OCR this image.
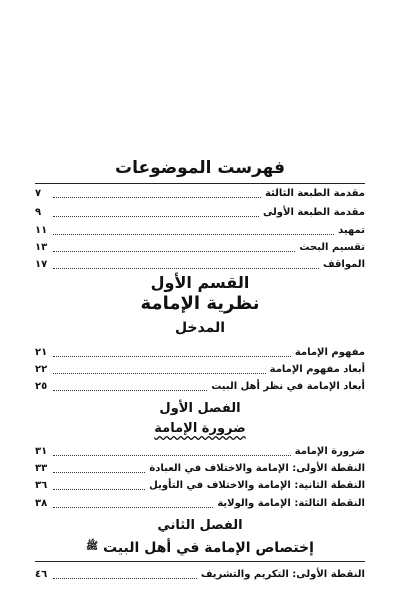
فهرست الموضوعات
مقدمة الطبعة الثالثة
٧
مقدمة الطبعة الأولى
٩
تمهيد
١١
تقسيم البحث
١٣
المواقف
١٧
القسم الأول
نظرية الإمامة
المدخل
مفهوم الإمامة
٢١
أبعاد مفهوم الإمامة
٢٢
أبعاد الإمامة في نظر أهل البيت
٢٥
الفصل الأول
ضرورة الإمامة
ضرورة الإمامة
٣١
النقطة الأولى: الإمامة والاختلاف في العبادة
٣٣
النقطة الثانية: الإمامة والاختلاف في التأويل
٣٦
النقطة الثالثة: الإمامة والولاية
٣٨
الفصل الثاني
إختصاص الإمامة في أهل البيت $^ﷺ$
النقطة الأولى: التكريم والتشريف
٤٦
